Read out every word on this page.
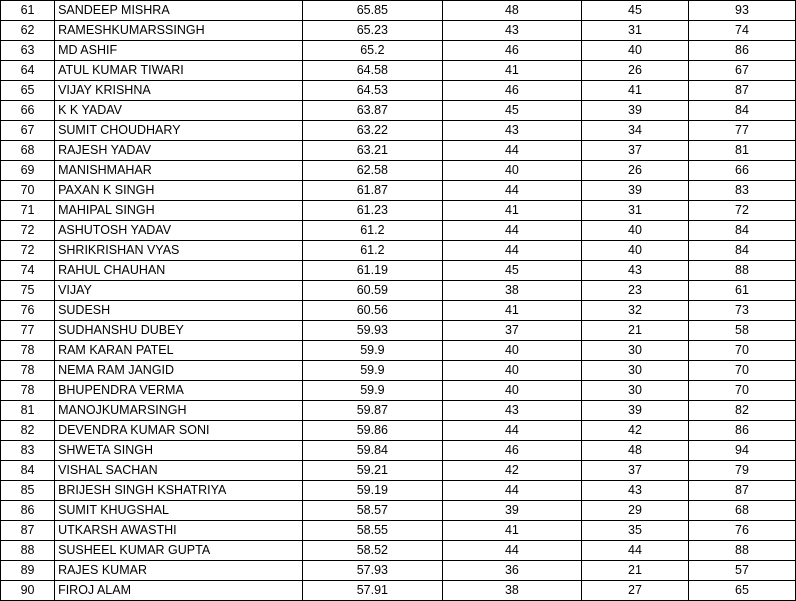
61	SANDEEP MISHRA	65.85	48	45	93
62	RAMESHKUMARSSINGH	65.23	43	31	74
63	MD ASHIF	65.2	46	40	86
64	ATUL KUMAR TIWARI	64.58	41	26	67
65	VIJAY KRISHNA	64.53	46	41	87
66	K K YADAV	63.87	45	39	84
67	SUMIT CHOUDHARY	63.22	43	34	77
68	RAJESH YADAV	63.21	44	37	81
69	MANISHMAHAR	62.58	40	26	66
70	PAXAN K SINGH	61.87	44	39	83
71	MAHIPAL SINGH	61.23	41	31	72
72	ASHUTOSH YADAV	61.2	44	40	84
72	SHRIKRISHAN VYAS	61.2	44	40	84
74	RAHUL CHAUHAN	61.19	45	43	88
75	VIJAY	60.59	38	23	61
76	SUDESH	60.56	41	32	73
77	SUDHANSHU DUBEY	59.93	37	21	58
78	RAM KARAN PATEL	59.9	40	30	70
78	NEMA RAM JANGID	59.9	40	30	70
78	BHUPENDRA VERMA	59.9	40	30	70
81	MANOJKUMARSINGH	59.87	43	39	82
82	DEVENDRA KUMAR SONI	59.86	44	42	86
83	SHWETA SINGH	59.84	46	48	94
84	VISHAL SACHAN	59.21	42	37	79
85	BRIJESH SINGH KSHATRIYA	59.19	44	43	87
86	SUMIT KHUGSHAL	58.57	39	29	68
87	UTKARSH AWASTHI	58.55	41	35	76
88	SUSHEEL KUMAR GUPTA	58.52	44	44	88
89	RAJES KUMAR	57.93	36	21	57
90	FIROJ ALAM	57.91	38	27	65
